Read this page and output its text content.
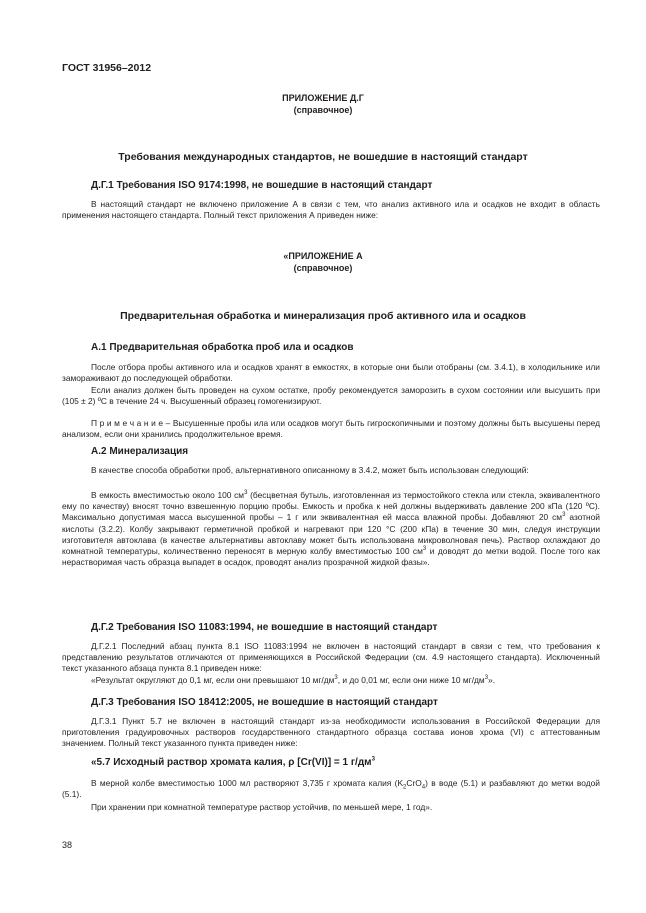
ГОСТ 31956–2012
ПРИЛОЖЕНИЕ Д.Г
(справочное)
Требования международных стандартов, не вошедшие в настоящий стандарт
Д.Г.1 Требования ISO 9174:1998, не вошедшие в настоящий стандарт

В настоящий стандарт не включено приложение А в связи с тем, что анализ активного ила и осадков не входит в область применения настоящего стандарта. Полный текст приложения А приведен ниже:

«ПРИЛОЖЕНИЕ А
(справочное)
Предварительная обработка и минерализация проб активного ила и осадков
А.1 Предварительная обработка проб ила и осадков

После отбора пробы активного ила и осадков хранят в емкостях, в которые они были отобраны (см. 3.4.1), в холодильнике или замораживают до последующей обработки.

Если анализ должен быть проведен на сухом остатке, пробу рекомендуется заморозить в сухом состоянии или высушить при (105 ± 2) ºС в течение 24 ч. Высушенный образец гомогенизируют.

П р и м е ч а н и е – Высушенные пробы ила или осадков могут быть гигроскопичными и поэтому должны быть высушены перед анализом, если они хранились продолжительное время.

А.2 Минерализация

В качестве способа обработки проб, альтернативного описанному в 3.4.2, может быть использован следующий:

В емкость вместимостью около 100 $см^3$ (бесцветная бутыль, изготовленная из термостойкого стекла или стекла, эквивалентного ему по качеству) вносят точно взвешенную порцию пробы. Емкость и пробка к ней должны выдерживать давление 200 кПа (120 ºС). Максимально допустимая масса высушенной пробы – 1 г или эквивалентная ей масса влажной пробы. Добавляют 20 $см^3$ азотной кислоты (3.2.2). Колбу закрывают герметичной пробкой и нагревают при 120 °С (200 кПа) в течение 30 мин, следуя инструкции изготовителя автоклава (в качестве альтернативы автоклаву может быть использована микроволновая печь). Раствор охлаждают до комнатной температуры, количественно переносят в мерную колбу вместимостью 100 $см^3$ и доводят до метки водой. После того как нерастворимая часть образца выпадет в осадок, проводят анализ прозрачной жидкой фазы».

Д.Г.2 Требования ISO 11083:1994, не вошедшие в настоящий стандарт

Д.Г.2.1 Последний абзац пункта 8.1 ISO 11083:1994 не включен в настоящий стандарт в связи с тем, что требования к представлению результатов отличаются от применяющихся в Российской Федерации (см. 4.9 настоящего стандарта). Исключенный текст указанного абзаца пункта 8.1 приведен ниже:

«Результат округляют до 0,1 мг, если они превышают 10 $мг/дм^3$, и до 0,01 мг, если они ниже 10 $мг/дм^3$».

Д.Г.3 Требования ISO 18412:2005, не вошедшие в настоящий стандарт

Д.Г.3.1 Пункт 5.7 не включен в настоящий стандарт из-за необходимости использования в Российской Федерации для приготовления градуировочных растворов государственного стандартного образца состава ионов хрома (VI) с аттестованным значением. Полный текст указанного пункта приведен ниже:

«5.7 Исходный раствор хромата калия, ρ [Cr(VI)] = 1 $г/дм^3$

В мерной колбе вместимостью 1000 мл растворяют 3,735 г хромата калия $(K_2CrO_4)$ в воде (5.1) и разбавляют до метки водой (5.1).

При хранении при комнатной температуре раствор устойчив, по меньшей мере, 1 год».

38
